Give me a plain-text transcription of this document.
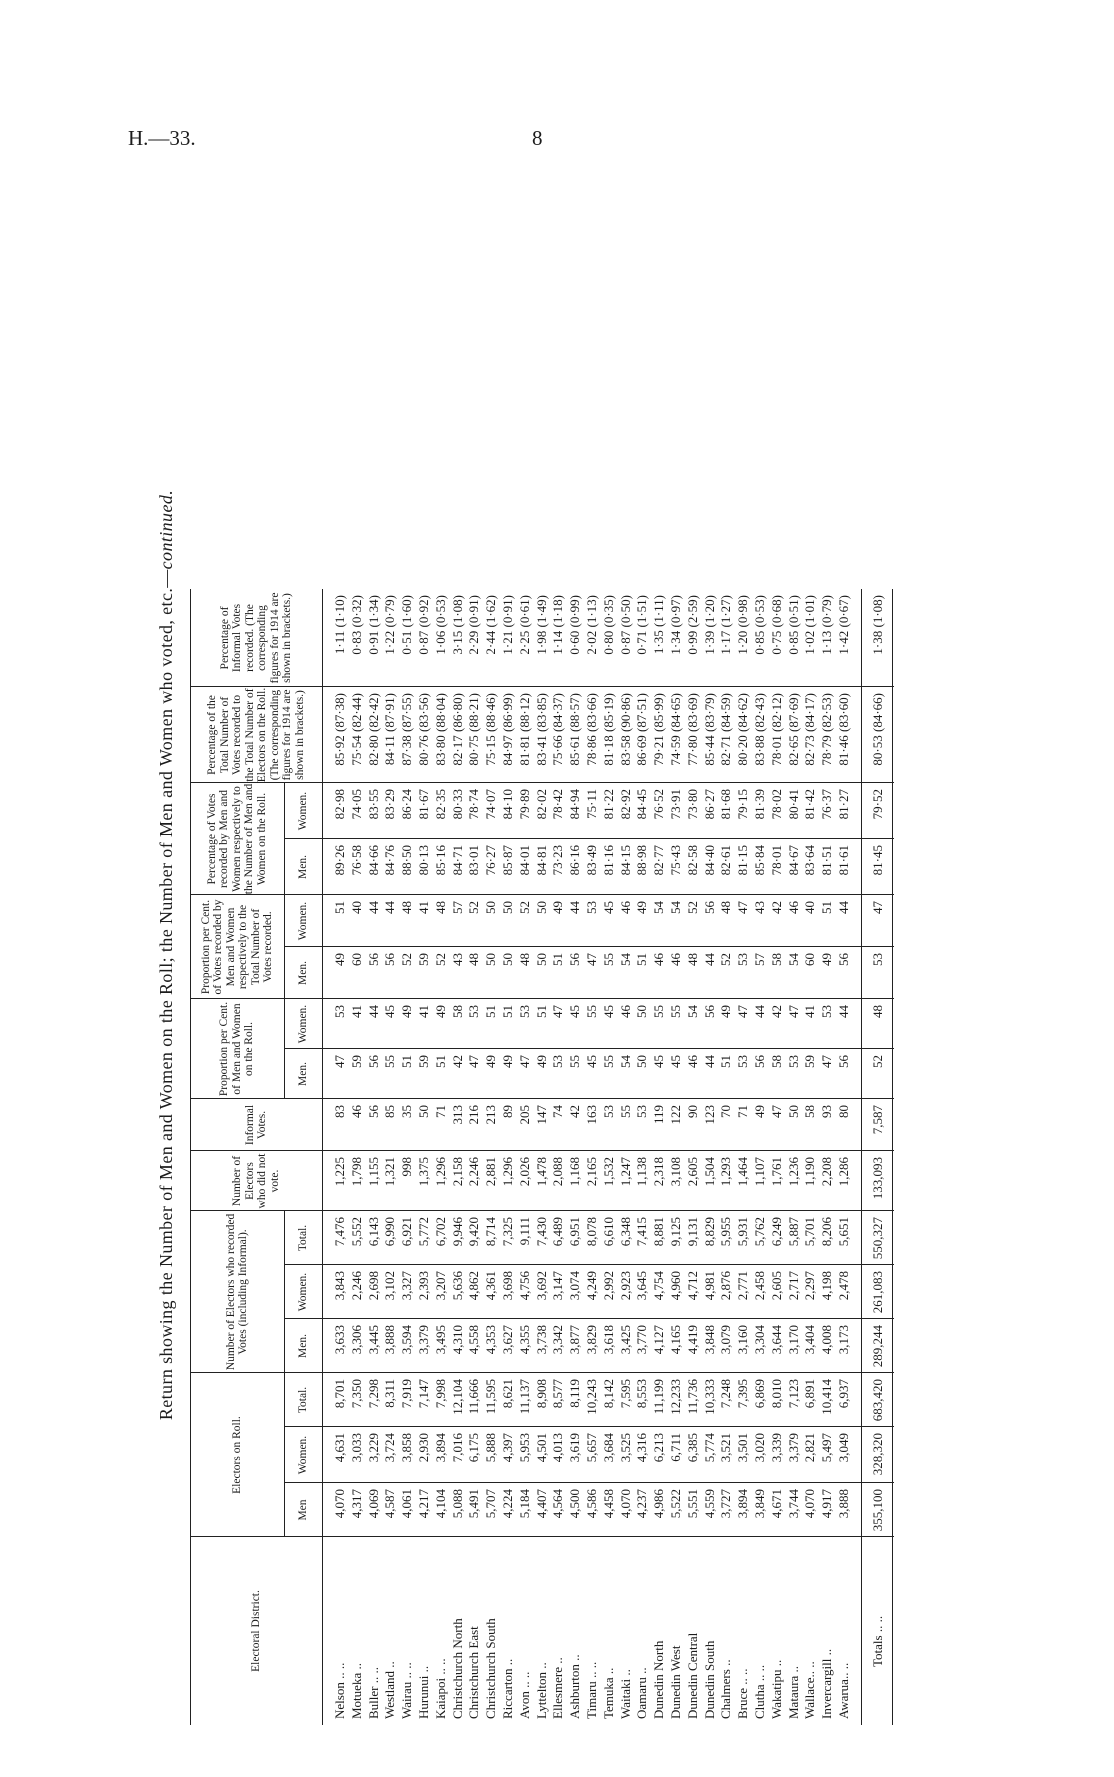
H.—33.	8
Return showing the Number of Men and Women on the Roll; the Number of Men and Women who voted, etc.—continued.
Electoral District.
Electors on Roll.
Number of Electors who recorded Votes (including Informal).
Proportion per Cent. of Men and Women on the Roll.
Proportion per Cent. of Votes recorded by Men and Women respectively to the Total Number of Votes recorded.
Percentage of Votes recorded by Men and Women respectively to the Number of Men and Women on the Roll.
Number of Electors who did not vote.
Informal Votes.
Percentage of the Total Number of Votes recorded to the Total Number of Electors on the Roll. (The corresponding figures for 1914 are shown in brackets.)
Percentage of Informal Votes recorded. (The corresponding figures for 1914 are shown in brackets.)
Men
Women.
Total.
Men.
Women.
Total.
Men.
Women.
Men.
Women.
Men.
Women.
Nelson .. ..
4,070
4,631
8,701
3,633
3,843
7,476
1,225
83
47
53
49
51
89·26
82·98
85·92 (87·38)
1·11 (1·10)
Motueka ..
4,317
3,033
7,350
3,306
2,246
5,552
1,798
46
59
41
60
40
76·58
74·05
75·54 (82·44)
0·83 (0·32)
Buller .. ..
4,069
3,229
7,298
3,445
2,698
6,143
1,155
56
56
44
56
44
84·66
83·55
82·80 (82·42)
0·91 (1·34)
Westland ..
4,587
3,724
8,311
3,888
3,102
6,990
1,321
85
55
45
56
44
84·76
83·29
84·11 (87·91)
1·22 (0·79)
Wairau .. ..
4,061
3,858
7,919
3,594
3,327
6,921
998
35
51
49
52
48
88·50
86·24
87·38 (87·55)
0·51 (1·60)
Hurunui ..
4,217
2,930
7,147
3,379
2,393
5,772
1,375
50
59
41
59
41
80·13
81·67
80·76 (83·56)
0·87 (0·92)
Kaiapoi .. ..
4,104
3,894
7,998
3,495
3,207
6,702
1,296
71
51
49
52
48
85·16
82·35
83·80 (88·04)
1·06 (0·53)
Christchurch North
5,088
7,016
12,104
4,310
5,636
9,946
2,158
313
42
58
43
57
84·71
80·33
82·17 (86·80)
3·15 (1·08)
Christchurch East
5,491
6,175
11,666
4,558
4,862
9,420
2,246
216
47
53
48
52
83·01
78·74
80·75 (88·21)
2·29 (0·91)
Christchurch South
5,707
5,888
11,595
4,353
4,361
8,714
2,881
213
49
51
50
50
76·27
74·07
75·15 (88·46)
2·44 (1·62)
Riccarton ..
4,224
4,397
8,621
3,627
3,698
7,325
1,296
89
49
51
50
50
85·87
84·10
84·97 (86·99)
1·21 (0·91)
Avon .. ..
5,184
5,953
11,137
4,355
4,756
9,111
2,026
205
47
53
48
52
84·01
79·89
81·81 (88·12)
2·25 (0·61)
Lyttelton ..
4,407
4,501
8,908
3,738
3,692
7,430
1,478
147
49
51
50
50
84·81
82·02
83·41 (83·85)
1·98 (1·49)
Ellesmere ..
4,564
4,013
8,577
3,342
3,147
6,489
2,088
74
53
47
51
49
73·23
78·42
75·66 (84·37)
1·14 (1·18)
Ashburton ..
4,500
3,619
8,119
3,877
3,074
6,951
1,168
42
55
45
56
44
86·16
84·94
85·61 (88·57)
0·60 (0·99)
Timaru .. ..
4,586
5,657
10,243
3,829
4,249
8,078
2,165
163
45
55
47
53
83·49
75·11
78·86 (83·66)
2·02 (1·13)
Temuka ..
4,458
3,684
8,142
3,618
2,992
6,610
1,532
53
55
45
55
45
81·16
81·22
81·18 (85·19)
0·80 (0·35)
Waitaki ..
4,070
3,525
7,595
3,425
2,923
6,348
1,247
55
54
46
54
46
84·15
82·92
83·58 (90·86)
0·87 (0·50)
Oamaru ..
4,237
4,316
8,553
3,770
3,645
7,415
1,138
53
50
50
51
49
88·98
84·45
86·69 (87·51)
0·71 (1·51)
Dunedin North
4,986
6,213
11,199
4,127
4,754
8,881
2,318
119
45
55
46
54
82·77
76·52
79·21 (85·99)
1·35 (1·11)
Dunedin West
5,522
6,711
12,233
4,165
4,960
9,125
3,108
122
45
55
46
54
75·43
73·91
74·59 (84·65)
1·34 (0·97)
Dunedin Central
5,551
6,385
11,736
4,419
4,712
9,131
2,605
90
46
54
48
52
82·58
73·80
77·80 (83·69)
0·99 (2·59)
Dunedin South
4,559
5,774
10,333
3,848
4,981
8,829
1,504
123
44
56
44
56
84·40
86·27
85·44 (83·79)
1·39 (1·20)
Chalmers ..
3,727
3,521
7,248
3,079
2,876
5,955
1,293
70
51
49
52
48
82·61
81·68
82·71 (84·59)
1·17 (1·27)
Bruce .. ..
3,894
3,501
7,395
3,160
2,771
5,931
1,464
71
53
47
53
47
81·15
79·15
80·20 (84·62)
1·20 (0·98)
Clutha .. ..
3,849
3,020
6,869
3,304
2,458
5,762
1,107
49
56
44
57
43
85·84
81·39
83·88 (82·43)
0·85 (0·53)
Wakatipu ..
4,671
3,339
8,010
3,644
2,605
6,249
1,761
47
58
42
58
42
78·01
78·02
78·01 (82·12)
0·75 (0·68)
Mataura ..
3,744
3,379
7,123
3,170
2,717
5,887
1,236
50
53
47
54
46
84·67
80·41
82·65 (87·69)
0·85 (0·51)
Wallace.. ..
4,070
2,821
6,891
3,404
2,297
5,701
1,190
58
59
41
60
40
83·64
81·42
82·73 (84·17)
1·02 (1·01)
Invercargill ..
4,917
5,497
10,414
4,008
4,198
8,206
2,208
93
47
53
49
51
81·51
76·37
78·79 (82·53)
1·13 (0·79)
Awarua.. ..
3,888
3,049
6,937
3,173
2,478
5,651
1,286
80
56
44
56
44
81·61
81·27
81·46 (83·60)
1·42 (0·67)
Totals .. ..
355,100
328,320
683,420
289,244
261,083
550,327
133,093
7,587
52
48
53
47
81·45
79·52
80·53 (84·66)
1·38 (1·08)
